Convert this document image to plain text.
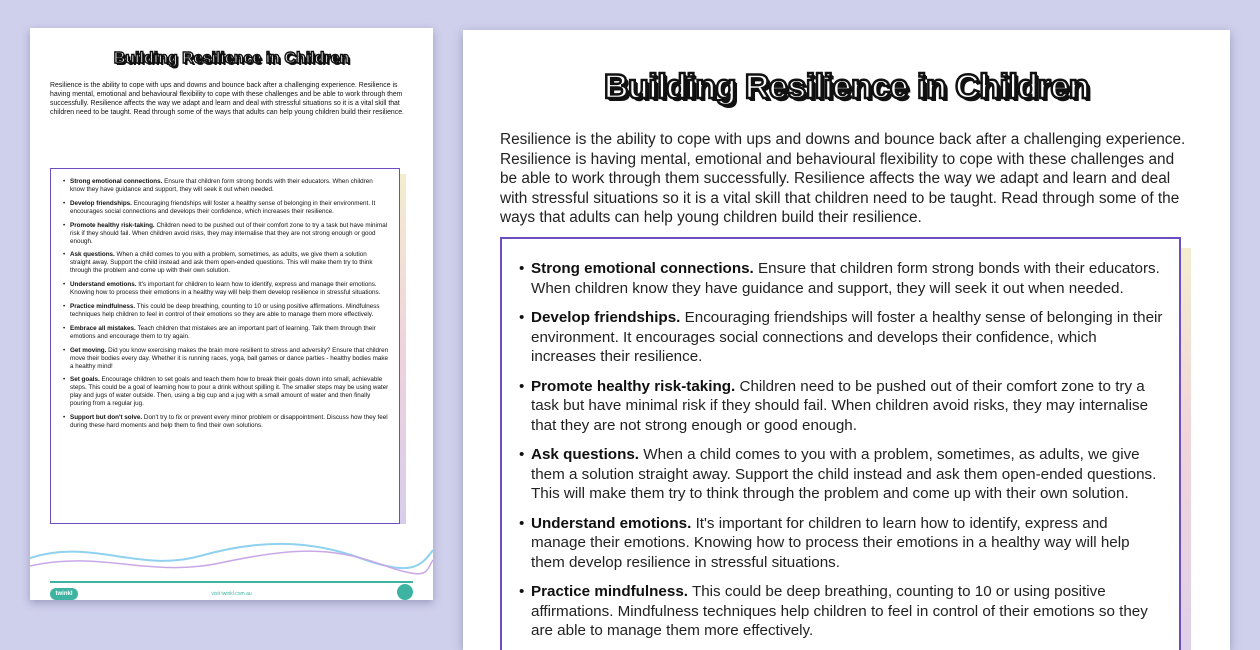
Building Resilience in Children

Resilience is the ability to cope with ups and downs and bounce back after a challenging experience. Resilience is having mental, emotional and behavioural flexibility to cope with these challenges and be able to work through them successfully. Resilience affects the way we adapt and learn and deal with stressful situations so it is a vital skill that children need to be taught. Read through some of the ways that adults can help young children build their resilience.

• Strong emotional connections. Ensure that children form strong bonds with their educators. When children know they have guidance and support, they will seek it out when needed.
• Develop friendships. Encouraging friendships will foster a healthy sense of belonging in their environment. It encourages social connections and develops their confidence, which increases their resilience.
• Promote healthy risk-taking. Children need to be pushed out of their comfort zone to try a task but have minimal risk if they should fail. When children avoid risks, they may internalise that they are not strong enough or good enough.
• Ask questions. When a child comes to you with a problem, sometimes, as adults, we give them a solution straight away. Support the child instead and ask them open-ended questions. This will make them try to think through the problem and come up with their own solution.
• Understand emotions. It's important for children to learn how to identify, express and manage their emotions. Knowing how to process their emotions in a healthy way will help them develop resilience in stressful situations.
• Practice mindfulness. This could be deep breathing, counting to 10 or using positive affirmations. Mindfulness techniques help children to feel in control of their emotions so they are able to manage them more effectively.
• Embrace all mistakes. Teach children that mistakes are an important part of learning. Talk them through their emotions and encourage them to try again.
• Get moving. Did you know exercising makes the brain more resilient to stress and adversity? Ensure that children move their bodies every day. Whether it is running races, yoga, ball games or dance parties - healthy bodies make a healthy mind!
• Set goals. Encourage children to set goals and teach them how to break their goals down into small, achievable steps. This could be a goal of learning how to pour a drink without spilling it. The smaller steps may be using water play and jugs of water outside. Then, using a big cup and a jug with a small amount of water and then finally pouring from a regular jug.
• Support but don't solve. Don't try to fix or prevent every minor problem or disappointment. Discuss how they feel during these hard moments and help them to find their own solutions.
twinkl	visit twinkl.com.au

Building Resilience in Children

Resilience is the ability to cope with ups and downs and bounce back after a challenging experience. Resilience is having mental, emotional and behavioural flexibility to cope with these challenges and be able to work through them successfully. Resilience affects the way we adapt and learn and deal with stressful situations so it is a vital skill that children need to be taught. Read through some of the ways that adults can help young children build their resilience.

• Strong emotional connections. Ensure that children form strong bonds with their educators. When children know they have guidance and support, they will seek it out when needed.
• Develop friendships. Encouraging friendships will foster a healthy sense of belonging in their environment. It encourages social connections and develops their confidence, which increases their resilience.
• Promote healthy risk-taking. Children need to be pushed out of their comfort zone to try a task but have minimal risk if they should fail. When children avoid risks, they may internalise that they are not strong enough or good enough.
• Ask questions. When a child comes to you with a problem, sometimes, as adults, we give them a solution straight away. Support the child instead and ask them open-ended questions. This will make them try to think through the problem and come up with their own solution.
• Understand emotions. It's important for children to learn how to identify, express and manage their emotions. Knowing how to process their emotions in a healthy way will help them develop resilience in stressful situations.
• Practice mindfulness. This could be deep breathing, counting to 10 or using positive affirmations. Mindfulness techniques help children to feel in control of their emotions so they are able to manage them more effectively.
